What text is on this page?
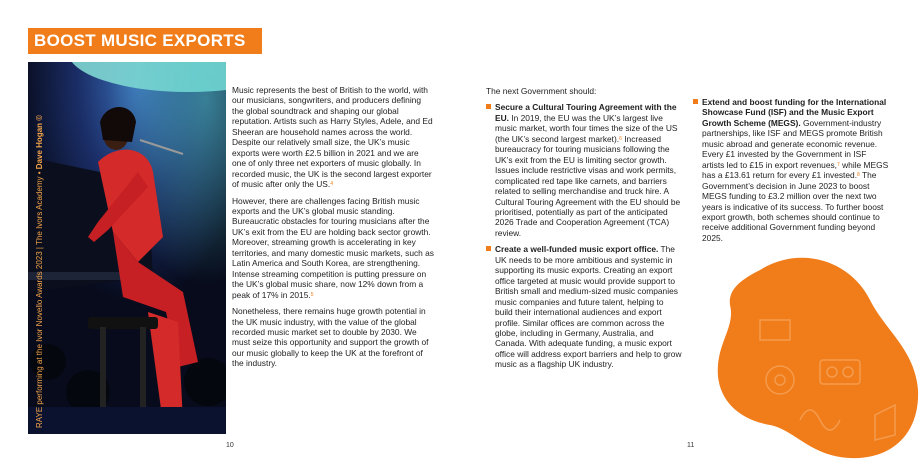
BOOST MUSIC EXPORTS
RAYE performing at the Ivor Novello Awards 2023 | The Ivors Academy • Dave Hogan ©

Music represents the best of British to the world, with our musicians, songwriters, and producers defining the global soundtrack and shaping our global reputation. Artists such as Harry Styles, Adele, and Ed Sheeran are household names across the world. Despite our relatively small size, the UK’s music exports were worth £2.5 billion in 2021 and we are one of only three net exporters of music globally. In recorded music, the UK is the second largest exporter of music after only the US.$^4$

However, there are challenges facing British music exports and the UK’s global music standing. Bureaucratic obstacles for touring musicians after the UK’s exit from the EU are holding back sector growth. Moreover, streaming growth is accelerating in key territories, and many domestic music markets, such as Latin America and South Korea, are strengthening. Intense streaming competition is putting pressure on the UK’s global music share, now 12% down from a peak of 17% in 2015.$^5$

Nonetheless, there remains huge growth potential in the UK music industry, with the value of the global recorded music market set to double by 2030. We must seize this opportunity and support the growth of our music globally to keep the UK at the forefront of the industry.

The next Government should:

Secure a Cultural Touring Agreement with the EU. In 2019, the EU was the UK’s largest live music market, worth four times the size of the US (the UK’s second largest market).$^6$ Increased bureaucracy for touring musicians following the UK’s exit from the EU is limiting sector growth. Issues include restrictive visas and work permits, complicated red tape like carnets, and barriers related to selling merchandise and truck hire. A Cultural Touring Agreement with the EU should be prioritised, potentially as part of the anticipated 2026 Trade and Cooperation Agreement (TCA) review.
Create a well-funded music export office. The UK needs to be more ambitious and systemic in supporting its music exports. Creating an export office targeted at music would provide support to British small and medium-sized music companies music companies and future talent, helping to build their international audiences and export profile. Similar offices are common across the globe, including in Germany, Australia, and Canada. With adequate funding, a music export office will address export barriers and help to grow music as a flagship UK industry.
Extend and boost funding for the International Showcase Fund (ISF) and the Music Export Growth Scheme (MEGS). Government-industry partnerships, like ISF and MEGS promote British music abroad and generate economic revenue. Every £1 invested by the Government in ISF artists led to £15 in export revenues,$^7$ while MEGS has a £13.61 return for every £1 invested.$^8$ The Government’s decision in June 2023 to boost MEGS funding to £3.2 million over the next two years is indicative of its success. To further boost export growth, both schemes should continue to receive additional Government funding beyond 2025.
10	11
